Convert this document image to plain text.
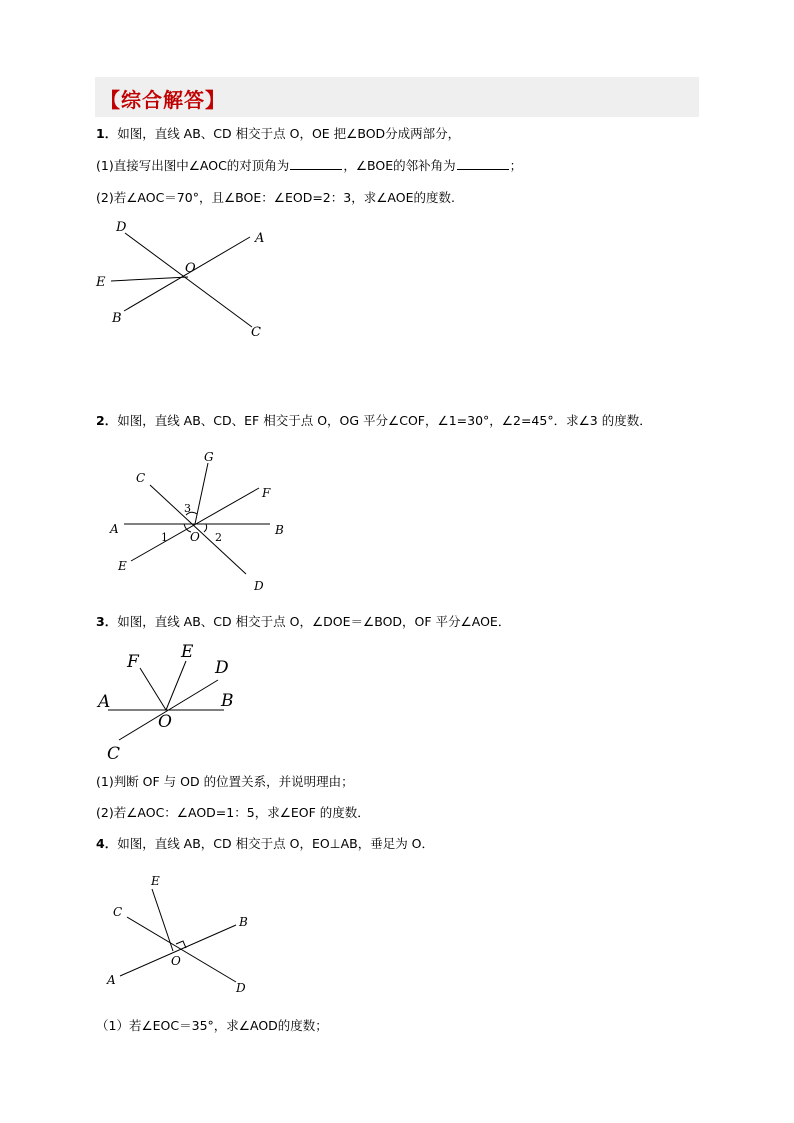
【综合解答】
1．如图，直线 AB、CD 相交于点 O，OE 把∠BOD分成两部分，
(1)直接写出图中∠AOC的对顶角为	，∠BOE的邻补角为	；
(2)若∠AOC＝70°，且∠BOE：∠EOD=2：3，求∠AOE的度数.
D
A
O
E
B
C
2．如图，直线 AB、CD、EF 相交于点 O，OG 平分∠COF，∠1=30°，∠2=45°．求∠3 的度数．
G
C
F
3
A	B
1 O 2
E
D
3．如图，直线 AB、CD 相交于点 O，∠DOE＝∠BOD，OF 平分∠AOE．
F E
D
A	B
O
C
(1)判断 OF 与 OD 的位置关系，并说明理由；
(2)若∠AOC：∠AOD=1：5，求∠EOF 的度数．
4．如图，直线 AB，CD 相交于点 O，EO⊥AB，垂足为 O．
E
C
B
O
A
D
（1）若∠EOC＝35°，求∠AOD的度数；
